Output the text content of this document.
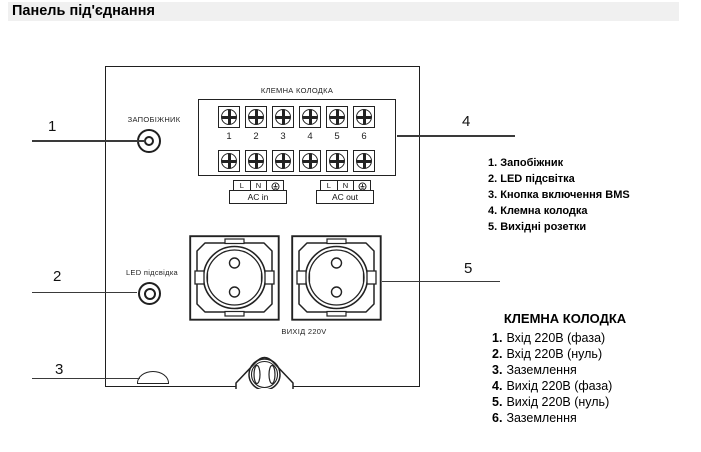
Панель під'єднання
КЛЕМНА КОЛОДКА
1 2 3 4 5 6
L	N
AC in
L	N
AC out
ЗАПОБІЖНИК
LED підсвідка
ВИХІД 220V
1
2
3
4
5
1. Запобіжник
2. LED підсвітка
3. Кнопка включення BMS
4. Клемна колодка
5. Вихідні розетки
КЛЕМНА КОЛОДКА
1. Вхід 220В (фаза)
2. Вхід 220В (нуль)
3. Заземлення
4. Вихід 220В (фаза)
5. Вихід 220В (нуль)
6. Заземлення
